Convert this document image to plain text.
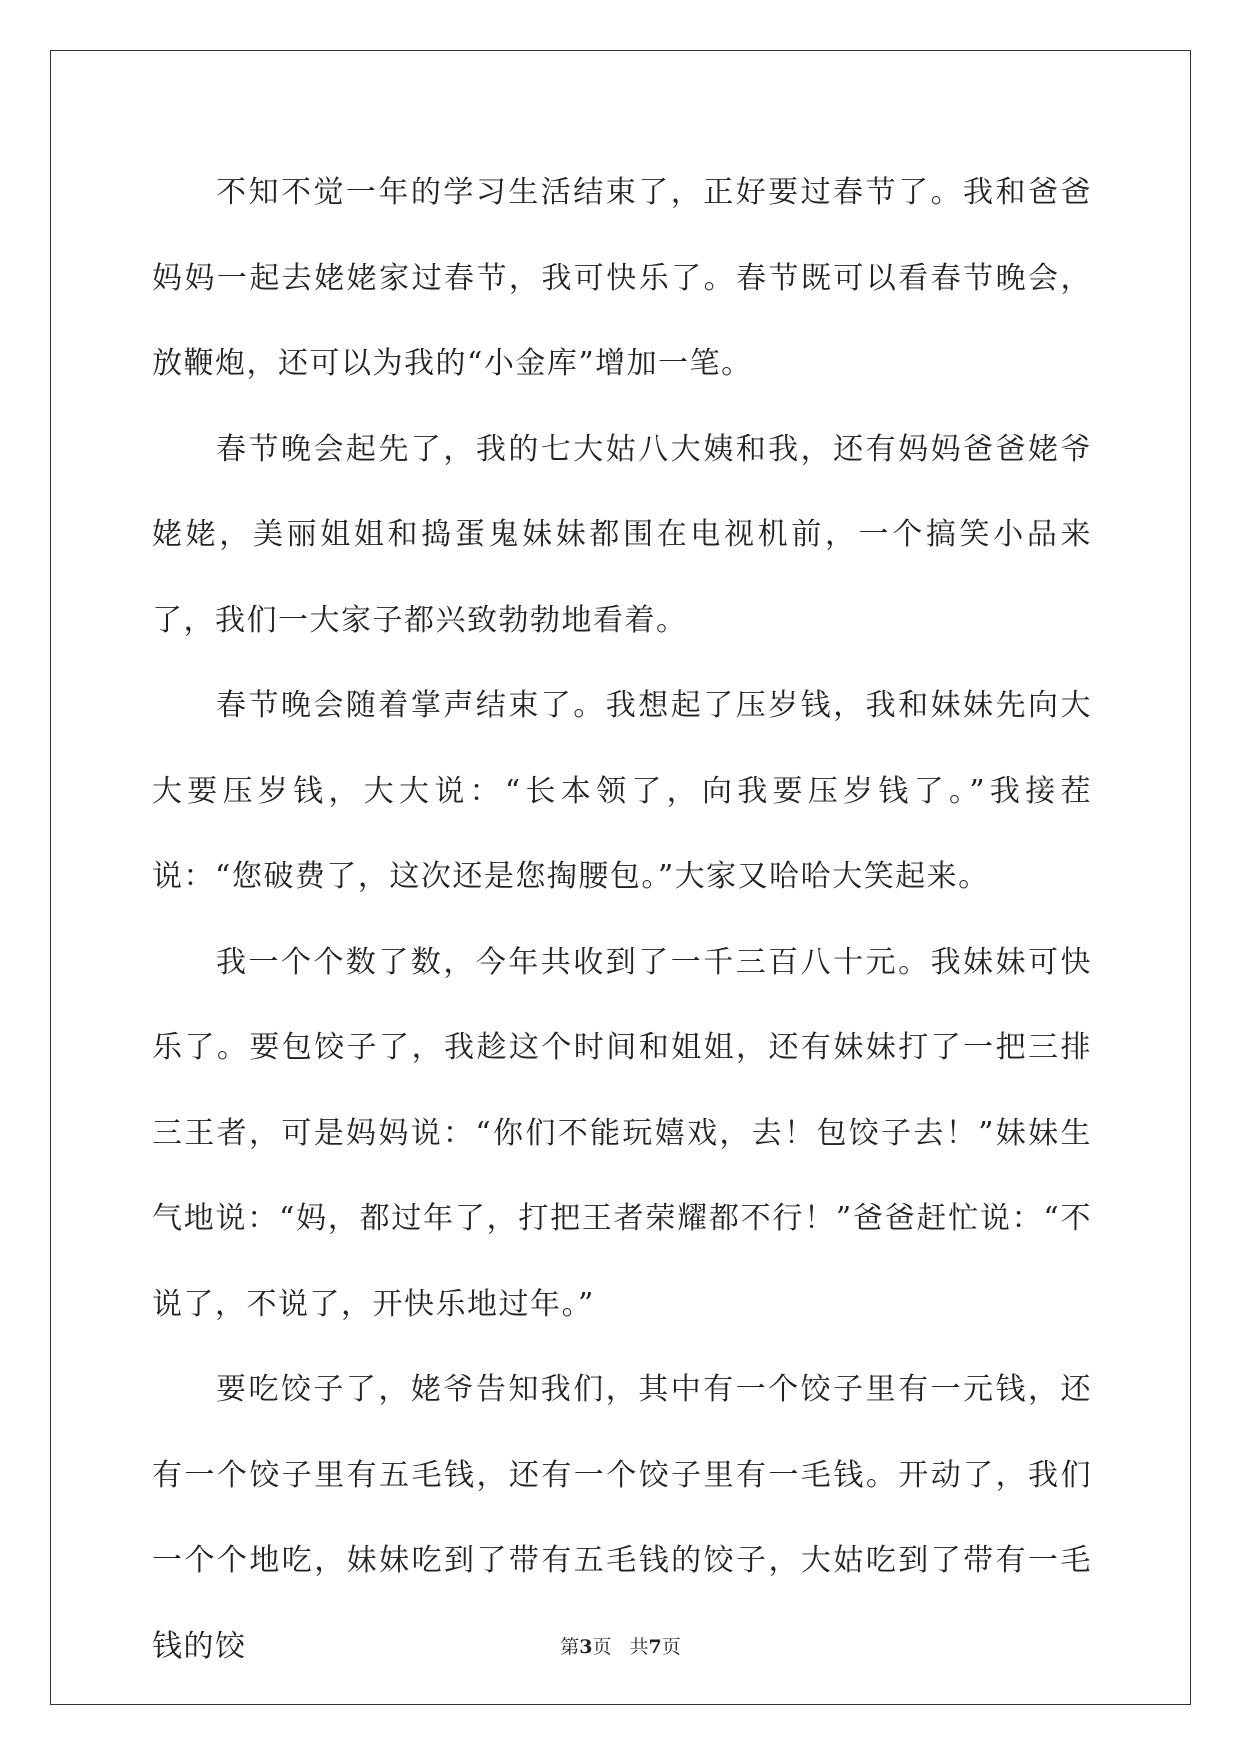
不知不觉一年的学习生活结束了，正好要过春节了。我和爸爸妈妈一起去姥姥家过春节，我可快乐了。春节既可以看春节晚会，放鞭炮，还可以为我的“小金库”增加一笔。

春节晚会起先了，我的七大姑八大姨和我，还有妈妈爸爸姥爷姥姥，美丽姐姐和捣蛋鬼妹妹都围在电视机前，一个搞笑小品来了，我们一大家子都兴致勃勃地看着。

春节晚会随着掌声结束了。我想起了压岁钱，我和妹妹先向大大要压岁钱，大大说：“长本领了，向我要压岁钱了。”我接茬说：“您破费了，这次还是您掏腰包。”大家又哈哈大笑起来。

我一个个数了数，今年共收到了一千三百八十元。我妹妹可快乐了。要包饺子了，我趁这个时间和姐姐，还有妹妹打了一把三排三王者，可是妈妈说：“你们不能玩嬉戏，去！包饺子去！”妹妹生气地说：“妈，都过年了，打把王者荣耀都不行！”爸爸赶忙说：“不说了，不说了，开快乐地过年。”

要吃饺子了，姥爷告知我们，其中有一个饺子里有一元钱，还有一个饺子里有五毛钱，还有一个饺子里有一毛钱。开动了，我们一个个地吃，妹妹吃到了带有五毛钱的饺子，大姑吃到了带有一毛钱的饺	第3页 共7页
